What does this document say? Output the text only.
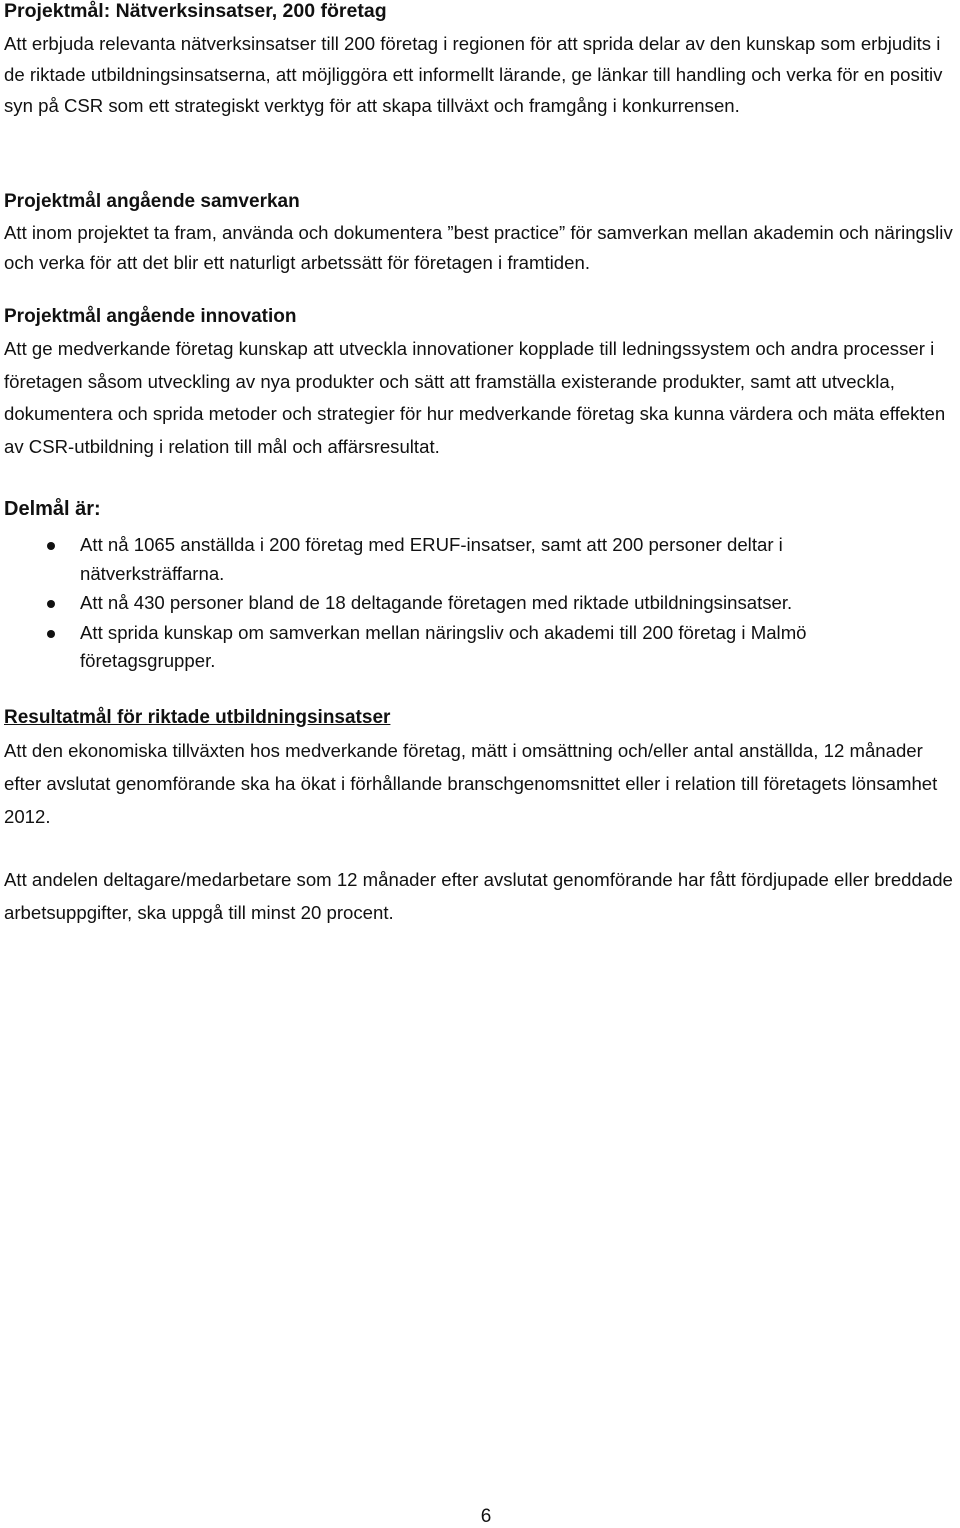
Projektmål: Nätverksinsatser, 200 företag

Att erbjuda relevanta nätverksinsatser till 200 företag i regionen för att sprida delar av den kunskap som erbjudits i de riktade utbildningsinsatserna, att möjliggöra ett informellt lärande, ge länkar till handling och verka för en positiv syn på CSR som ett strategiskt verktyg för att skapa tillväxt och framgång i konkurrensen.

Projektmål angående samverkan

Att inom projektet ta fram, använda och dokumentera ”best practice” för samverkan mellan akademin och näringsliv och verka för att det blir ett naturligt arbetssätt för företagen i framtiden.

Projektmål angående innovation

Att ge medverkande företag kunskap att utveckla innovationer kopplade till ledningssystem och andra processer i företagen såsom utveckling av nya produkter och sätt att framställa existerande produkter, samt att utveckla, dokumentera och sprida metoder och strategier för hur medverkande företag ska kunna värdera och mäta effekten av CSR-utbildning i relation till mål och affärsresultat.

Delmål är:
Att nå 1065 anställda i 200 företag med ERUF-insatser, samt att 200 personer deltar i nätverksträffarna.
Att nå 430 personer bland de 18 deltagande företagen med riktade utbildningsinsatser.
Att sprida kunskap om samverkan mellan näringsliv och akademi till 200 företag i Malmö företagsgrupper.
Resultatmål för riktade utbildningsinsatser

Att den ekonomiska tillväxten hos medverkande företag, mätt i omsättning och/eller antal anställda, 12 månader efter avslutat genomförande ska ha ökat i förhållande branschgenomsnittet eller i relation till företagets lönsamhet 2012.

Att andelen deltagare/medarbetare som 12 månader efter avslutat genomförande har fått fördjupade eller breddade arbetsuppgifter, ska uppgå till minst 20 procent.

6
